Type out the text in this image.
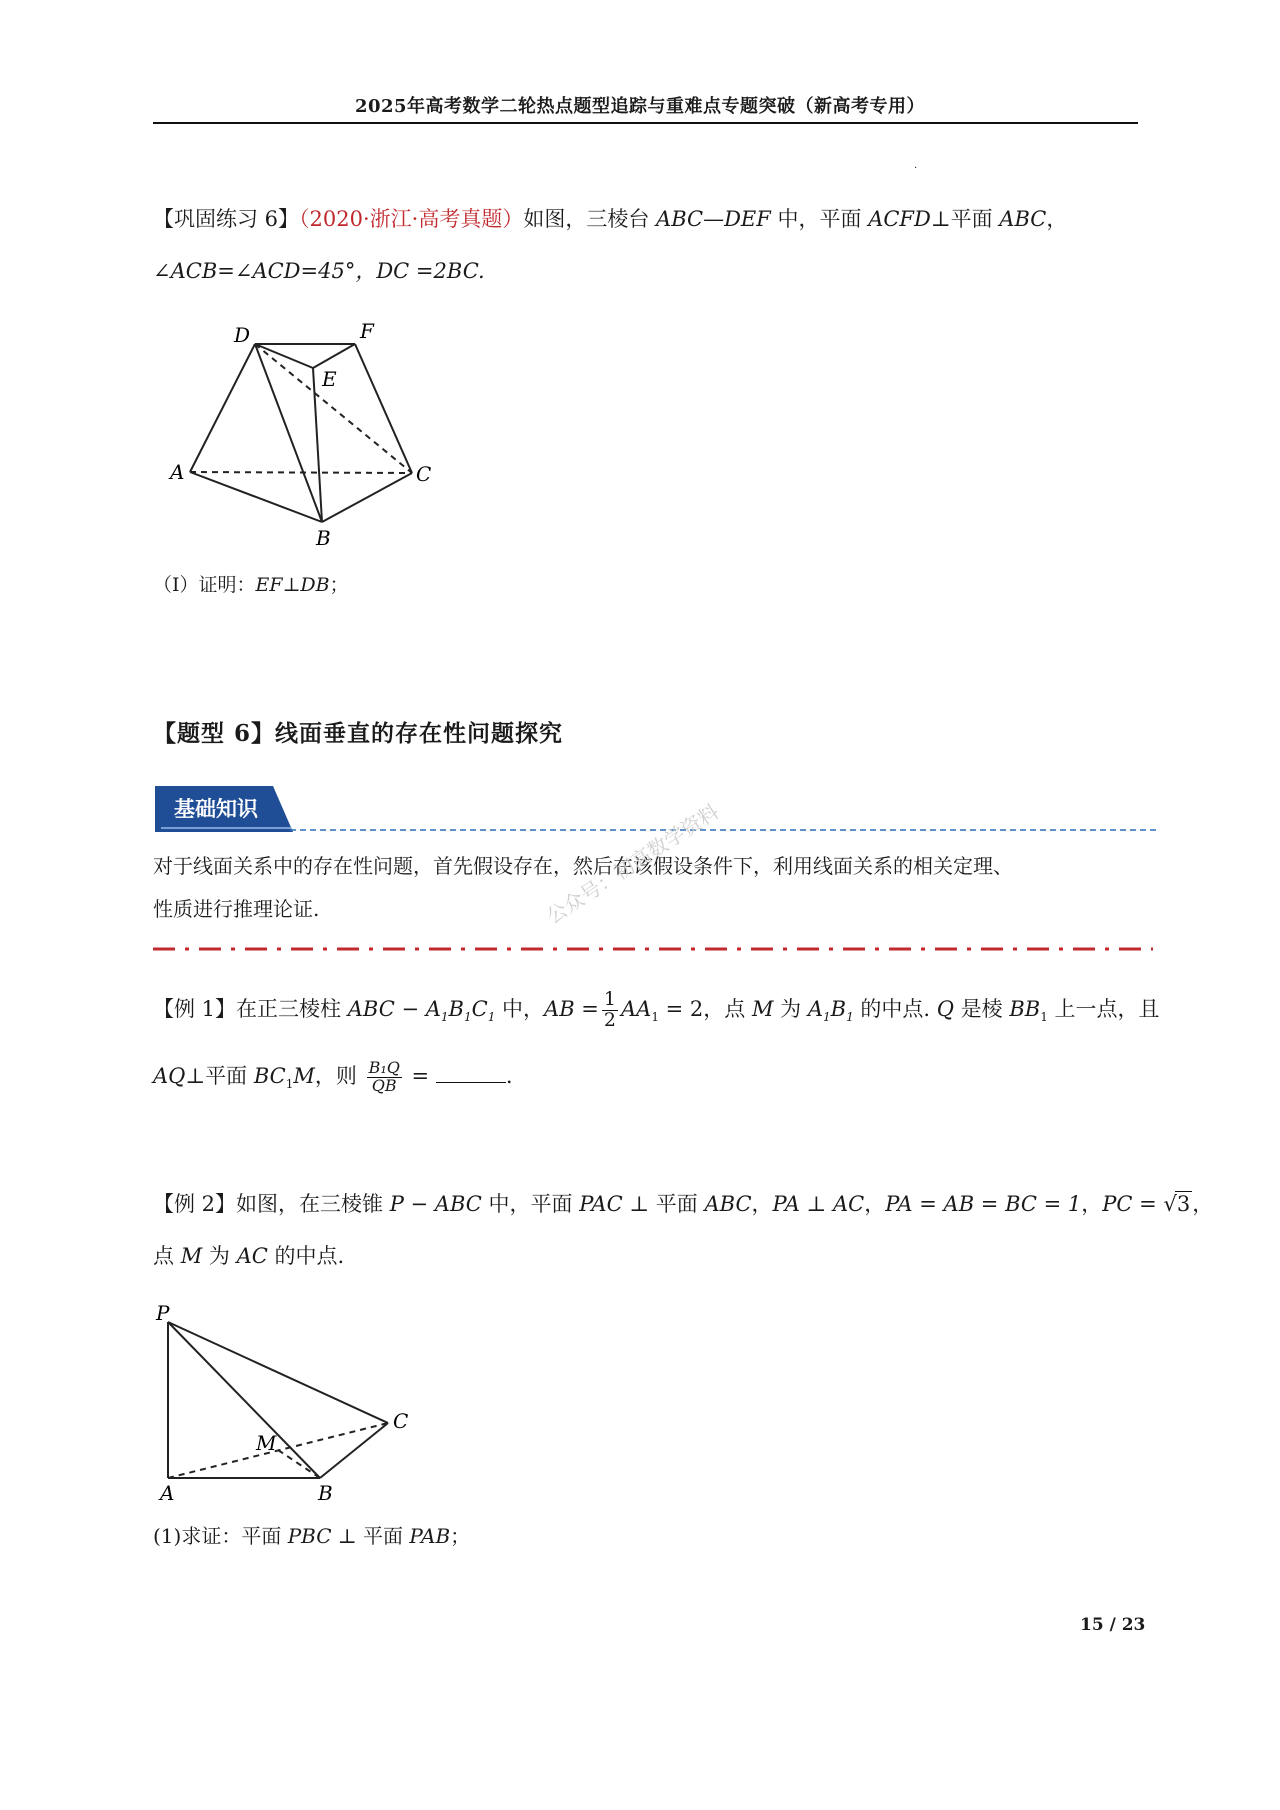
2025年高考数学二轮热点题型追踪与重难点专题突破（新高考专用）
·
【巩固练习 6】（2020·浙江·高考真题）如图，三棱台 ABC—DEF 中，平面 ACFD⊥平面 ABC，
∠ACB=∠ACD=45°，DC =2BC.
D	F
E
A	C
B
（Ⅰ）证明：EF⊥DB；
【题型 6】线面垂直的存在性问题探究
基础知识
对于线面关系中的存在性问题，首先假设存在，然后在该假设条件下，利用线面关系的相关定理、
性质进行推理论证.	公众号：初高数学资料
【例 1】在正三棱柱 ABC − $A_1B_1C_1$ 中，AB = $\frac{1}{2} AA_1 = 2$，点 M 为 $A_1B_1$ 的中点. Q 是棱 $BB_1$ 上一点，且
AQ⊥平面 $BC_1M$，则 $\frac{\text{B₁Q}}{QB}$ =	.
【例 2】如图，在三棱锥 P − ABC 中，平面 PAC ⊥ 平面 ABC，PA ⊥ AC，PA = AB = BC = 1，PC = √3，
点 M 为 AC 的中点.
P
C
M
A	B
(1)求证：平面 PBC ⊥ 平面 PAB；
15 / 23
